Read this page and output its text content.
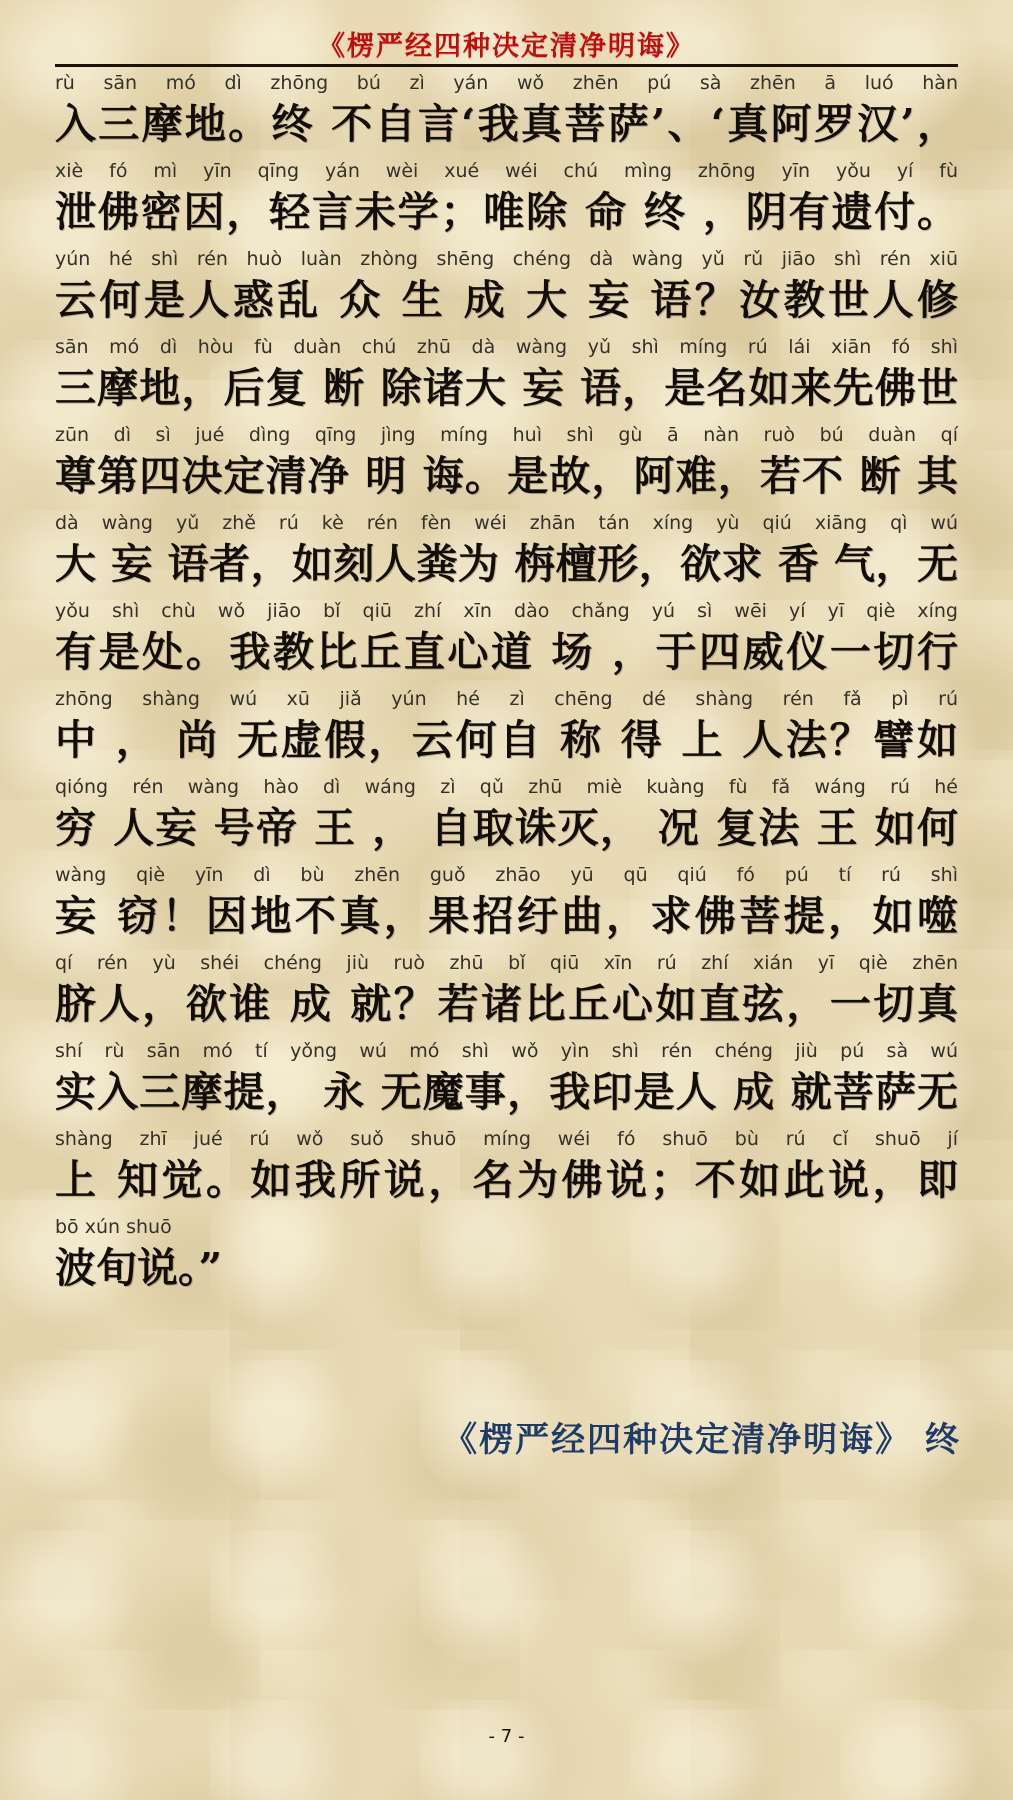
《楞严经四种决定清净明诲》
rù sān mó dì zhōng bú zì yán wǒ zhēn pú sà zhēn ā luó hàn
入三摩地。终 不自言‘我真菩萨’、‘真阿罗汉’，
xiè fó mì yīn qīng yán wèi xué wéi chú mìng zhōng yīn yǒu yí fù
泄佛密因，轻言未学；唯除 命 终 ，阴有遗付。
yún hé shì rén huò luàn zhòng shēng chéng dà wàng yǔ rǔ jiāo shì rén xiū
云何是人惑乱 众 生 成 大 妄 语？汝教世人修
sān mó dì hòu fù duàn chú zhū dà wàng yǔ shì míng rú lái xiān fó shì
三摩地，后复 断 除诸大 妄 语，是名如来先佛世
zūn dì sì jué dìng qīng jìng míng huì shì gù ā nàn ruò bú duàn qí
尊第四决定清净 明 诲。是故，阿难，若不 断 其
dà wàng yǔ zhě rú kè rén fèn wéi zhān tán xíng yù qiú xiāng qì wú
大 妄 语者，如刻人粪为 栴檀形，欲求 香 气，无
yǒu shì chù wǒ jiāo bǐ qiū zhí xīn dào chǎng yú sì wēi yí yī qiè xíng
有是处。我教比丘直心道 场 ，于四威仪一切行
zhōng shàng wú xū jiǎ yún hé zì chēng dé shàng rén fǎ pì rú
中 ， 尚 无虚假，云何自 称 得 上 人法？譬如
qióng rén wàng hào dì wáng zì qǔ zhū miè kuàng fù fǎ wáng rú hé
穷 人妄 号帝 王 ， 自取诛灭， 况 复法 王 如何
wàng qiè yīn dì bù zhēn guǒ zhāo yū qū qiú fó pú tí rú shì
妄 窃！因地不真，果招纡曲，求佛菩提，如噬
qí rén yù shéi chéng jiù ruò zhū bǐ qiū xīn rú zhí xián yī qiè zhēn
脐人，欲谁 成 就？若诸比丘心如直弦，一切真
shí rù sān mó tí yǒng wú mó shì wǒ yìn shì rén chéng jiù pú sà wú
实入三摩提， 永 无魔事，我印是人 成 就菩萨无
shàng zhī jué rú wǒ suǒ shuō míng wéi fó shuō bù rú cǐ shuō jí
上 知觉。如我所说，名为佛说；不如此说，即
bō xún shuō
波旬说。”
《楞严经四种决定清净明诲》 终
- 7 -
